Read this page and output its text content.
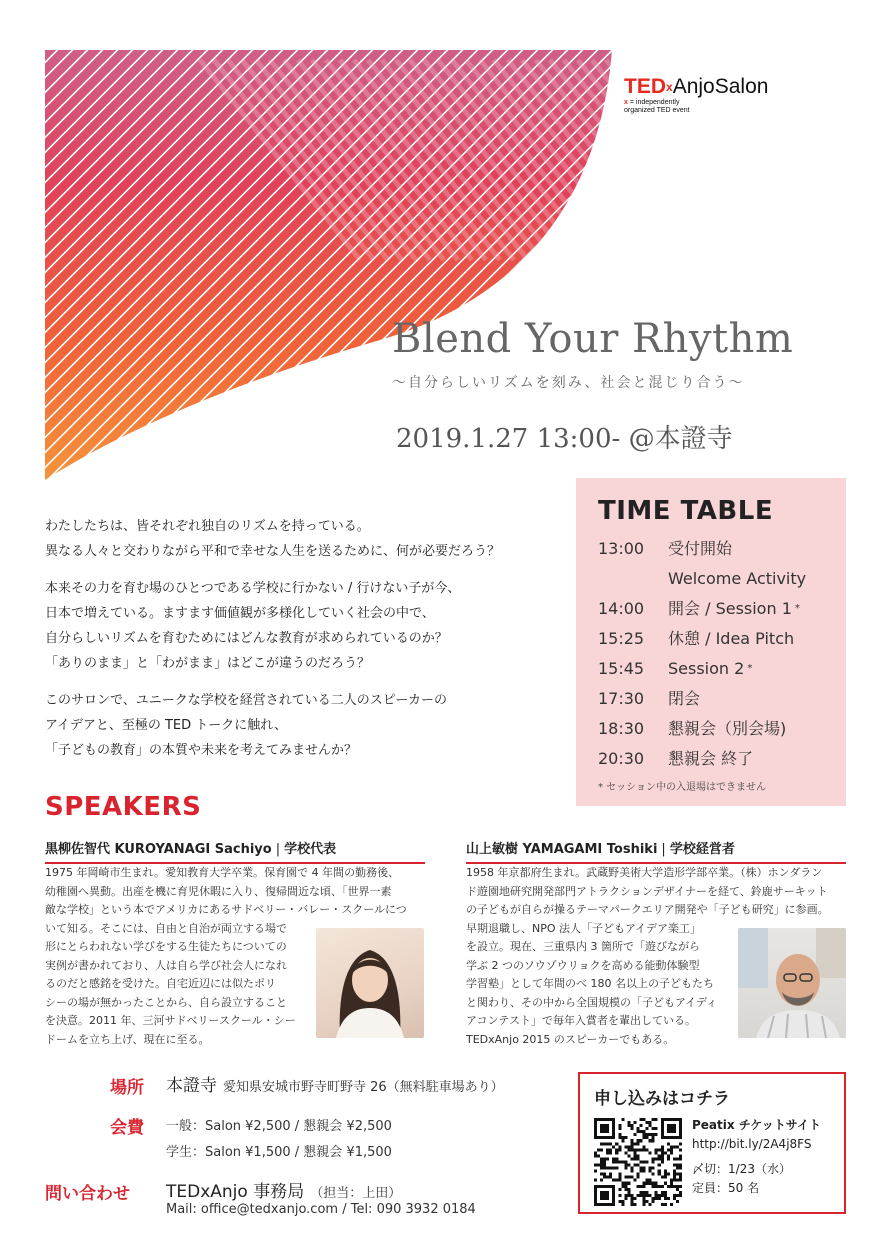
TED$^x$AnjoSalon
x = independently
organized TED event
Blend Your Rhythm
〜自分らしいリズムを刻み、社会と混じり合う〜
2019.1.27 13:00- @本證寺

わたしたちは、皆それぞれ独自のリズムを持っている。

異なる人々と交わりながら平和で幸せな人生を送るために、何が必要だろう？

本来その力を育む場のひとつである学校に行かない / 行けない子が今、

日本で増えている。ますます価値観が多様化していく社会の中で、

自分らしいリズムを育むためにはどんな教育が求められているのか？

「ありのまま」と「わがまま」はどこが違うのだろう？

このサロンで、ユニークな学校を経営されている二人のスピーカーの

アイデアと、至極の TED トークに触れ、

「子どもの教育」の本質や未来を考えてみませんか？

TIME TABLE
13:00	受付開始
Welcome Activity
14:00	開会 / Session 1 *
15:25	休憩 / Idea Pitch
15:45	Session 2 *
17:30	閉会
18:30	懇親会（別会場)
20:30	懇親会 終了
* セッション中の入退場はできません
SPEAKERS
黒柳佐智代 KUROYANAGI Sachiyo | 学校代表
1975 年岡崎市生まれ。愛知教育大学卒業。保育園で 4 年間の勤務後、
幼稚園へ異動。出産を機に育児休暇に入り、復帰間近な頃、「世界一素
敵な学校」という本でアメリカにあるサドベリー・バレー・スクールにつ
いて知る。そこには、自由と自治が両立する場で
形にとらわれない学びをする生徒たちについての
実例が書かれており、人は自ら学び社会人になれ
るのだと感銘を受けた。自宅近辺には似たポリ
シーの場が無かったことから、自ら設立すること
を決意。2011 年、三河サドベリースクール・シー
ドームを立ち上げ、現在に至る。
山上敏樹 YAMAGAMI Toshiki | 学校経営者
1958 年京都府生まれ。武蔵野美術大学造形学部卒業。（株）ホンダラン
ド遊園地研究開発部門アトラクションデザイナーを経て、鈴鹿サーキット
の子どもが自らが操るテーマパークエリア開発や「子ども研究」に参画。
早期退職し、NPO 法人「子どもアイデア楽工」
を設立。現在、三重県内 3 箇所で「遊びながら
学ぶ 2 つのソウゾウリョクを高める能動体験型
学習塾」として年間のべ 180 名以上の子どもたち
と関わり、その中から全国規模の「子どもアイディ
アコンテスト」で毎年入賞者を輩出している。
TEDxAnjo 2015 のスピーカーでもある。
場所 本證寺 愛知県安城市野寺町野寺 26（無料駐車場あり）
会費 一般：Salon ¥2,500 / 懇親会 ¥2,500
学生：Salon ¥1,500 / 懇親会 ¥1,500
問い合わせ TEDxAnjo 事務局 （担当：上田）
Mail: office@tedxanjo.com / Tel: 090 3932 0184
申し込みはコチラ
Peatix チケットサイト
http://bit.ly/2A4j8FS
〆切：1/23（水）
定員：50 名
